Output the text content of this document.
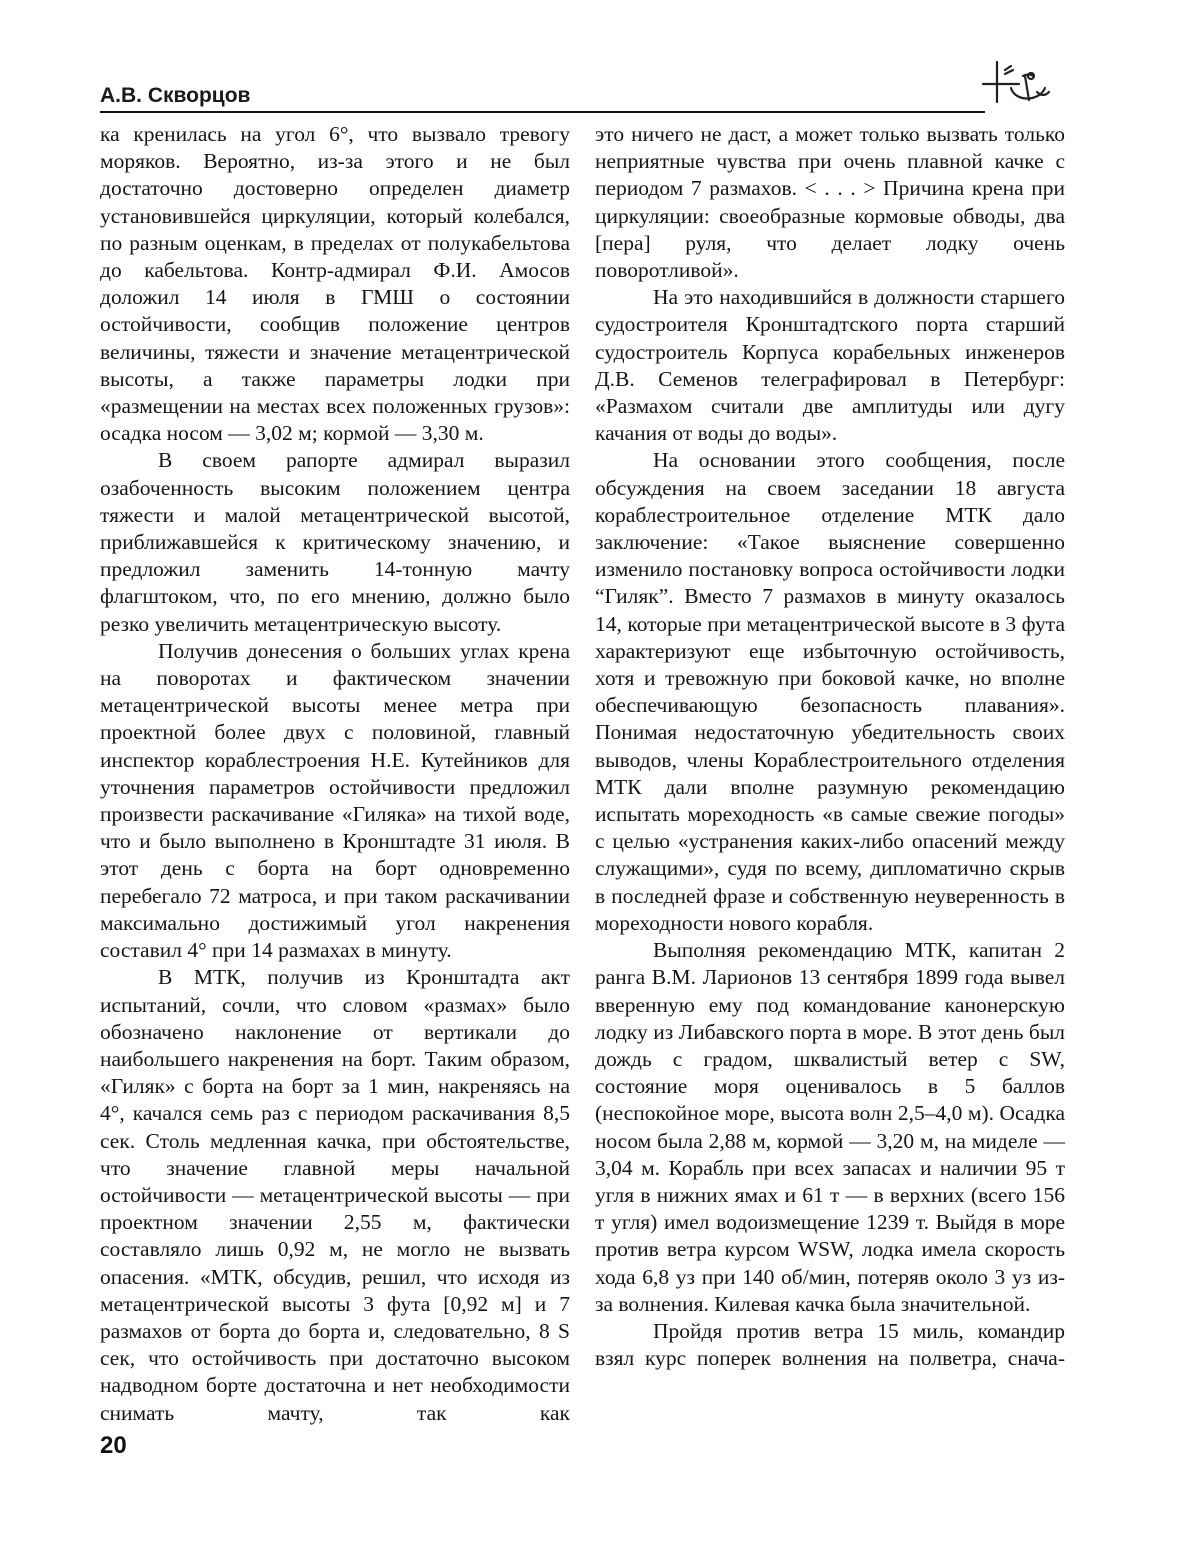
А.В. Скворцов

ка кренилась на угол 6°, что вызвало тревогу моряков. Вероятно, из-за этого и не был достаточно достоверно определен диаметр установившейся циркуляции, который колебался, по разным оценкам, в пределах от полукабельтова до кабельтова. Контр-адмирал Ф.И. Амосов доложил 14 июля в ГМШ о состоянии остойчивости, сообщив положение центров величины, тяжести и значение метацентрической высоты, а также параметры лодки при «размещении на местах всех положенных грузов»: осадка носом — 3,02 м; кормой — 3,30 м.

В своем рапорте адмирал выразил озабоченность высоким положением центра тяжести и малой метацентрической высотой, приближавшейся к критическому значению, и предложил заменить 14-тонную мачту флагштоком, что, по его мнению, должно было резко увеличить метацентрическую высоту.

Получив донесения о больших углах крена на поворотах и фактическом значении метацентрической высоты менее метра при проектной более двух с половиной, главный инспектор кораблестроения Н.Е. Кутейников для уточнения параметров остойчивости предложил произвести раскачивание «Гиляка» на тихой воде, что и было выполнено в Кронштадте 31 июля. В этот день с борта на борт одновременно перебегало 72 матроса, и при таком раскачивании максимально достижимый угол накренения составил 4° при 14 размахах в минуту.

В МТК, получив из Кронштадта акт испытаний, сочли, что словом «размах» было обозначено наклонение от вертикали до наибольшего накренения на борт. Таким образом, «Гиляк» с борта на борт за 1 мин, накреняясь на 4°, качался семь раз с периодом раскачивания 8,5 сек. Столь медленная качка, при обстоятельстве, что значение главной меры начальной остойчивости — метацентрической высоты — при проектном значении 2,55 м, фактически составляло лишь 0,92 м, не могло не вызвать опасения. «МТК, обсудив, решил, что исходя из метацентрической высоты 3 фута [0,92 м] и 7 размахов от борта до борта и, следовательно, 8 S сек, что остойчивость при достаточно высоком надводном борте достаточна и нет необходимости снимать мачту, так как

это ничего не даст, а может только вызвать только неприятные чувства при очень плавной качке с периодом 7 размахов. < . . . > Причина крена при циркуляции: своеобразные кормовые обводы, два [пера] руля, что делает лодку очень поворотливой».

На это находившийся в должности старшего судостроителя Кронштадтского порта старший судостроитель Корпуса корабельных инженеров Д.В. Семенов телеграфировал в Петербург: «Размахом считали две амплитуды или дугу качания от воды до воды».

На основании этого сообщения, после обсуждения на своем заседании 18 августа кораблестроительное отделение МТК дало заключение: «Такое выяснение совершенно изменило постановку вопроса остойчивости лодки “Гиляк”. Вместо 7 размахов в минуту оказалось 14, которые при метацентрической высоте в 3 фута характеризуют еще избыточную остойчивость, хотя и тревожную при боковой качке, но вполне обеспечивающую безопасность плавания». Понимая недостаточную убедительность своих выводов, члены Кораблестроительного отделения МТК дали вполне разумную рекомендацию испытать мореходность «в самые свежие погоды» с целью «устранения каких-либо опасений между служащими», судя по всему, дипломатично скрыв в последней фразе и собственную неуверенность в мореходности нового корабля.

Выполняя рекомендацию МТК, капитан 2 ранга В.М. Ларионов 13 сентября 1899 года вывел вверенную ему под командование канонерскую лодку из Либавского порта в море. В этот день был дождь с градом, шквалистый ветер с SW, состояние моря оценивалось в 5 баллов (неспокойное море, высота волн 2,5–4,0 м). Осадка носом была 2,88 м, кормой — 3,20 м, на миделе — 3,04 м. Корабль при всех запасах и наличии 95 т угля в нижних ямах и 61 т — в верхних (всего 156 т угля) имел водоизмещение 1239 т. Выйдя в море против ветра курсом WSW, лодка имела скорость хода 6,8 уз при 140 об/мин, потеряв около 3 уз из-за волнения. Килевая качка была значительной.

Пройдя против ветра 15 миль, командир взял курс поперек волнения на полветра, снача-

20
